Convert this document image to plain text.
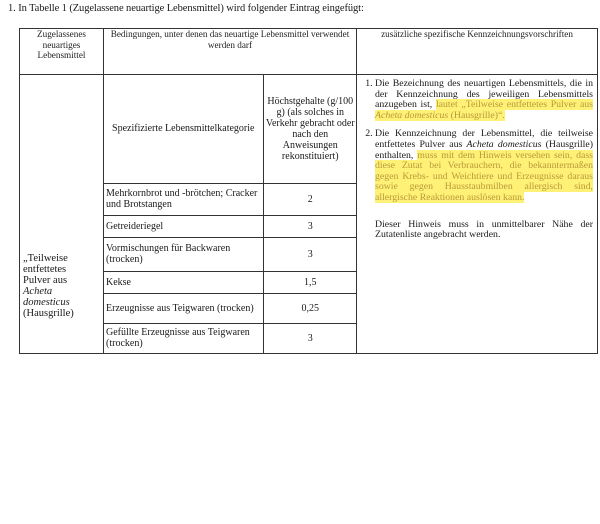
1. In Tabelle 1 (Zugelassene neuartige Lebensmittel) wird folgender Eintrag eingefügt:
Zugelassenes neuartiges Lebensmittel	Bedingungen, unter denen das neuartige Lebensmittel verwendet werden darf	zusätzliche spezifische Kennzeichnungsvorschriften

„Teilweise
entfettetes
Pulver aus
Acheta
domesticus
(Hausgrille)

Spezifizierte Lebensmittelkategorie	Höchstgehalte (g/100 g) (als solches in Verkehr gebracht oder nach den Anweisungen rekonstituiert)
Mehrkornbrot und -brötchen; Cracker und Brotstangen	2
Getreideriegel	3
Vormischungen für Backwaren (trocken)	3
Kekse	1,5
Erzeugnisse aus Teigwaren (trocken)	0,25
Gefüllte Erzeugnisse aus Teigwaren (trocken)	3

1. Die Bezeichnung des neuartigen Lebensmittels, die in der Kennzeichnung des jeweiligen Lebensmittels anzugeben ist, lautet „Teilweise entfettetes Pulver aus Acheta domesticus (Hausgrille)“.
2. Die Kennzeichnung der Lebensmittel, die teilweise entfettetes Pulver aus Acheta domesticus (Hausgrille) enthalten, muss mit dem Hinweis versehen sein, dass diese Zutat bei Verbrauchern, die bekanntermaßen gegen Krebs- und Weichtiere und Erzeugnisse daraus sowie gegen Hausstaubmilben allergisch sind, allergische Reaktionen auslösen kann.
Dieser Hinweis muss in unmittelbarer Nähe der Zutatenliste angebracht werden.
